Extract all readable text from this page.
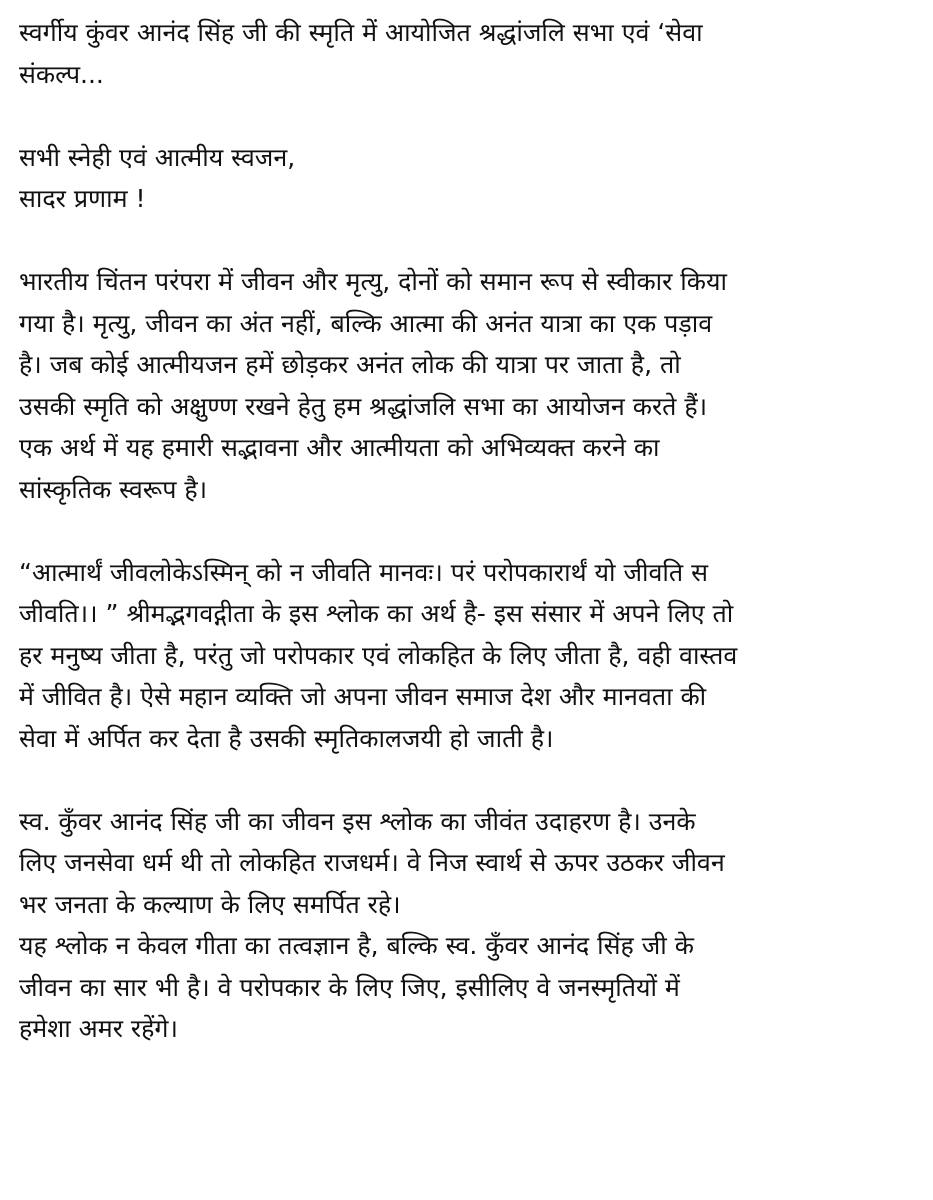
स्वर्गीय कुंवर आनंद सिंह जी की स्मृति में आयोजित श्रद्धांजलि सभा एवं ‘सेवा
संकल्प...
सभी स्नेही एवं आत्मीय स्वजन,
सादर प्रणाम !
भारतीय चिंतन परंपरा में जीवन और मृत्यु, दोनों को समान रूप से स्वीकार किया
गया है। मृत्यु, जीवन का अंत नहीं, बल्कि आत्मा की अनंत यात्रा का एक पड़ाव
है। जब कोई आत्मीयजन हमें छोड़कर अनंत लोक की यात्रा पर जाता है, तो
उसकी स्मृति को अक्षुण्ण रखने हेतु हम श्रद्धांजलि सभा का आयोजन करते हैं।
एक अर्थ में यह हमारी सद्भावना और आत्मीयता को अभिव्यक्त करने का
सांस्कृतिक स्वरूप है।
“आत्मार्थं जीवलोकेऽस्मिन् को न जीवति मानवः। परं परोपकारार्थं यो जीवति स
जीवति।। ” श्रीमद्भगवद्गीता के इस श्लोक का अर्थ है- इस संसार में अपने लिए तो
हर मनुष्य जीता है, परंतु जो परोपकार एवं लोकहित के लिए जीता है, वही वास्तव
में जीवित है। ऐसे महान व्यक्ति जो अपना जीवन समाज देश और मानवता की
सेवा में अर्पित कर देता है उसकी स्मृतिकालजयी हो जाती है।
स्व. कुँवर आनंद सिंह जी का जीवन इस श्लोक का जीवंत उदाहरण है। उनके
लिए जनसेवा धर्म थी तो लोकहित राजधर्म। वे निज स्वार्थ से ऊपर उठकर जीवन
भर जनता के कल्याण के लिए समर्पित रहे।
यह श्लोक न केवल गीता का तत्वज्ञान है, बल्कि स्व. कुँवर आनंद सिंह जी के
जीवन का सार भी है। वे परोपकार के लिए जिए, इसीलिए वे जनस्मृतियों में
हमेशा अमर रहेंगे।
